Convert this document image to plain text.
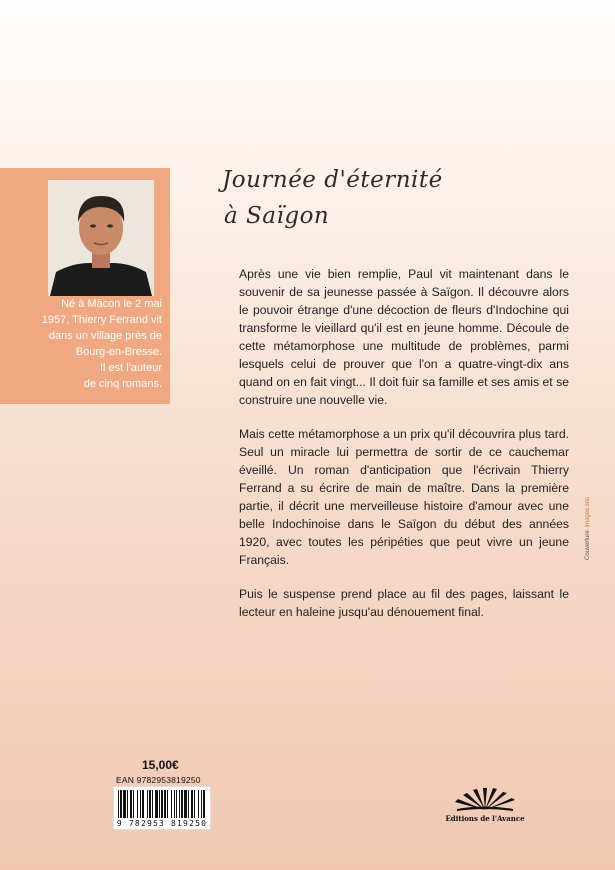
Né à Mâcon le 2 mai
1957, Thierry Ferrand vit
dans un village près de
Bourg-en-Bresse.
Il est l'auteur
de cinq romans.
Journée d'éternité
à Saïgon

Après une vie bien remplie, Paul vit maintenant dans le souvenir de sa jeunesse passée à Saïgon. Il découvre alors le pouvoir étrange d'une décoction de fleurs d'Indochine qui transforme le vieillard qu'il est en jeune homme. Découle de cette métamorphose une multitude de problèmes, parmi lesquels celui de prouver que l'on a quatre-vingt-dix ans quand on en fait vingt... Il doit fuir sa famille et ses amis et se construire une nouvelle vie.

Mais cette métamorphose a un prix qu'il découvrira plus tard. Seul un miracle lui permettra de sortir de ce cauchemar éveillé. Un roman d'anticipation que l'écrivain Thierry Ferrand a su écrire de main de maître. Dans la première partie, il décrit une merveilleuse histoire d'amour avec une belle Indochinoise dans le Saïgon du début des années 1920, avec toutes les péripéties que peut vivre un jeune Français.

Puis le suspense prend place au fil des pages, laissant le lecteur en haleine jusqu'au dénouement final.

Couvertureimages.sns
15,00€
EAN 9782953819250
9 782953 819250
Editions de l'Avance
